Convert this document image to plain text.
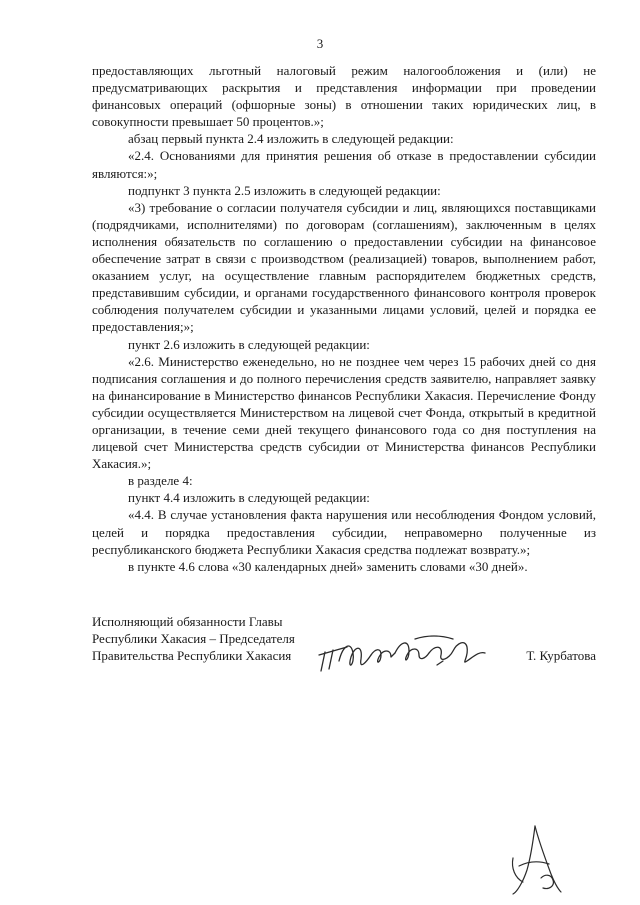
3

предоставляющих льготный налоговый режим налогообложения и (или) не предусматривающих раскрытия и представления информации при проведении финансовых операций (офшорные зоны) в отношении таких юридических лиц, в совокупности превышает 50 процентов.»;

абзац первый пункта 2.4 изложить в следующей редакции:

«2.4. Основаниями для принятия решения об отказе в предоставлении субсидии являются:»;

подпункт 3 пункта 2.5 изложить в следующей редакции:

«3) требование о согласии получателя субсидии и лиц, являющихся поставщиками (подрядчиками, исполнителями) по договорам (соглашениям), заключенным в целях исполнения обязательств по соглашению о предоставлении субсидии на финансовое обеспечение затрат в связи с производством (реализацией) товаров, выполнением работ, оказанием услуг, на осуществление главным распорядителем бюджетных средств, представившим субсидии, и органами государственного финансового контроля проверок соблюдения получателем субсидии и указанными лицами условий, целей и порядка ее предоставления;»;

пункт 2.6 изложить в следующей редакции:

«2.6. Министерство еженедельно, но не позднее чем через 15 рабочих дней со дня подписания соглашения и до полного перечисления средств заявителю, направляет заявку на финансирование в Министерство финансов Республики Хакасия. Перечисление Фонду субсидии осуществляется Министерством на лицевой счет Фонда, открытый в кредитной организации, в течение семи дней текущего финансового года со дня поступления на лицевой счет Министерства средств субсидии от Министерства финансов Республики Хакасия.»;

в разделе 4:

пункт 4.4 изложить в следующей редакции:

«4.4. В случае установления факта нарушения или несоблюдения Фондом условий, целей и порядка предоставления субсидии, неправомерно полученные из республиканского бюджета Республики Хакасия средства подлежат возврату.»;

в пункте 4.6 слова «30 календарных дней» заменить словами «30 дней».

Исполняющий обязанности Главы
Республики Хакасия – Председателя
Правительства Республики Хакасия	Т. Курбатова
